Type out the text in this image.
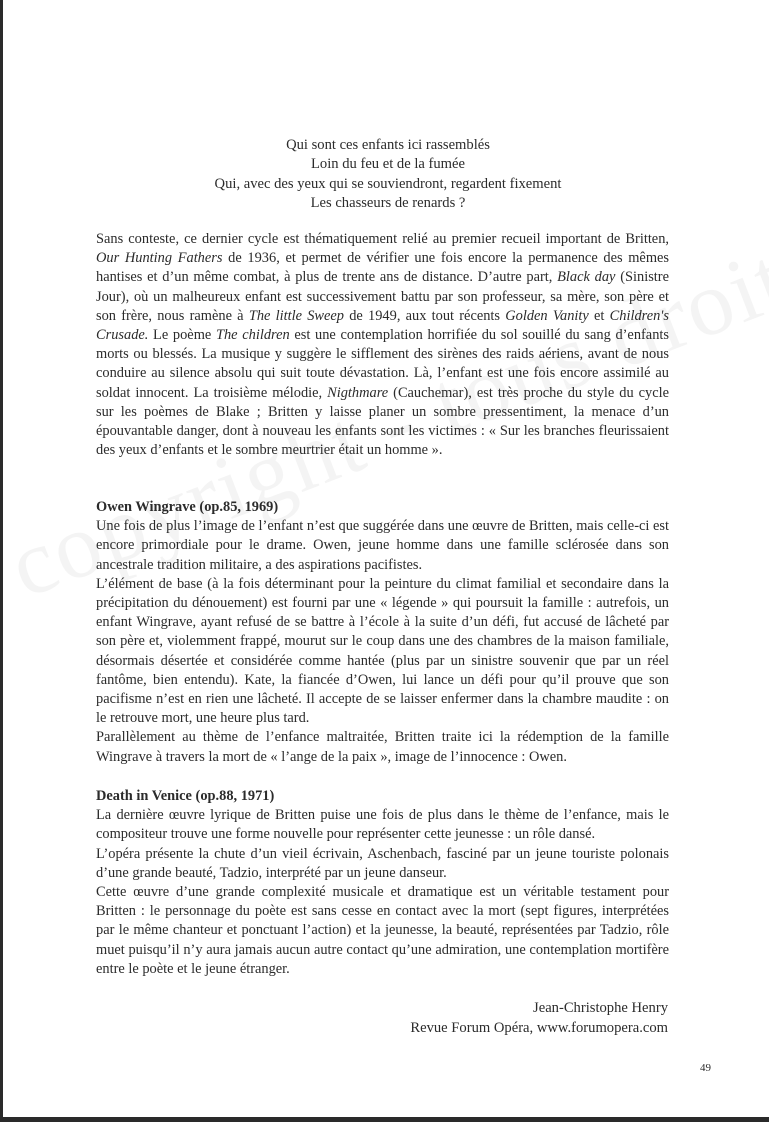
Qui sont ces enfants ici rassemblés
Loin du feu et de la fumée
Qui, avec des yeux qui se souviendront, regardent fixement
Les chasseurs de renards ?

Sans conteste, ce dernier cycle est thématiquement relié au premier recueil important de Britten, Our Hunting Fathers de 1936, et permet de vérifier une fois encore la permanence des mêmes hantises et d’un même combat, à plus de trente ans de distance. D’autre part, Black day (Sinistre Jour), où un malheureux enfant est successivement battu par son professeur, sa mère, son père et son frère, nous ramène à The little Sweep de 1949, aux tout récents Golden Vanity et Children's Crusade. Le poème The children est une contemplation horrifiée du sol souillé du sang d’enfants morts ou blessés. La musique y suggère le sifflement des sirènes des raids aériens, avant de nous conduire au silence absolu qui suit toute dévastation. Là, l’enfant est une fois encore assimilé au soldat innocent. La troisième mélodie, Nigthmare (Cauchemar), est très proche du style du cycle sur les poèmes de Blake ; Britten y laisse planer un sombre pressentiment, la menace d’un épouvantable danger, dont à nouveau les enfants sont les victimes : « Sur les branches fleurissaient des yeux d’enfants et le sombre meurtrier était un homme ».

Owen Wingrave (op.85, 1969)

Une fois de plus l’image de l’enfant n’est que suggérée dans une œuvre de Britten, mais celle-ci est encore primordiale pour le drame. Owen, jeune homme dans une famille sclérosée dans son ancestrale tradition militaire, a des aspirations pacifistes.

L’élément de base (à la fois déterminant pour la peinture du climat familial et secondaire dans la précipitation du dénouement) est fourni par une « légende » qui poursuit la famille : autrefois, un enfant Wingrave, ayant refusé de se battre à l’école à la suite d’un défi, fut accusé de lâcheté par son père et, violemment frappé, mourut sur le coup dans une des chambres de la maison familiale, désormais désertée et considérée comme hantée (plus par un sinistre souvenir que par un réel fantôme, bien entendu). Kate, la fiancée d’Owen, lui lance un défi pour qu’il prouve que son pacifisme n’est en rien une lâcheté. Il accepte de se laisser enfermer dans la chambre maudite : on le retrouve mort, une heure plus tard.

Parallèlement au thème de l’enfance maltraitée, Britten traite ici la rédemption de la famille Wingrave à travers la mort de « l’ange de la paix », image de l’innocence : Owen.

Death in Venice (op.88, 1971)

La dernière œuvre lyrique de Britten puise une fois de plus dans le thème de l’enfance, mais le compositeur trouve une forme nouvelle pour représenter cette jeunesse : un rôle dansé.

L’opéra présente la chute d’un vieil écrivain, Aschenbach, fasciné par un jeune touriste polonais d’une grande beauté, Tadzio, interprété par un jeune danseur.

Cette œuvre d’une grande complexité musicale et dramatique est un véritable testament pour Britten : le personnage du poète est sans cesse en contact avec la mort (sept figures, interprétées par le même chanteur et ponctuant l’action) et la jeunesse, la beauté, représentées par Tadzio, rôle muet puisqu’il n’y aura jamais aucun autre contact qu’une admiration, une contemplation mortifère entre le poète et le jeune étranger.

Jean-Christophe Henry
Revue Forum Opéra, www.forumopera.com
49
